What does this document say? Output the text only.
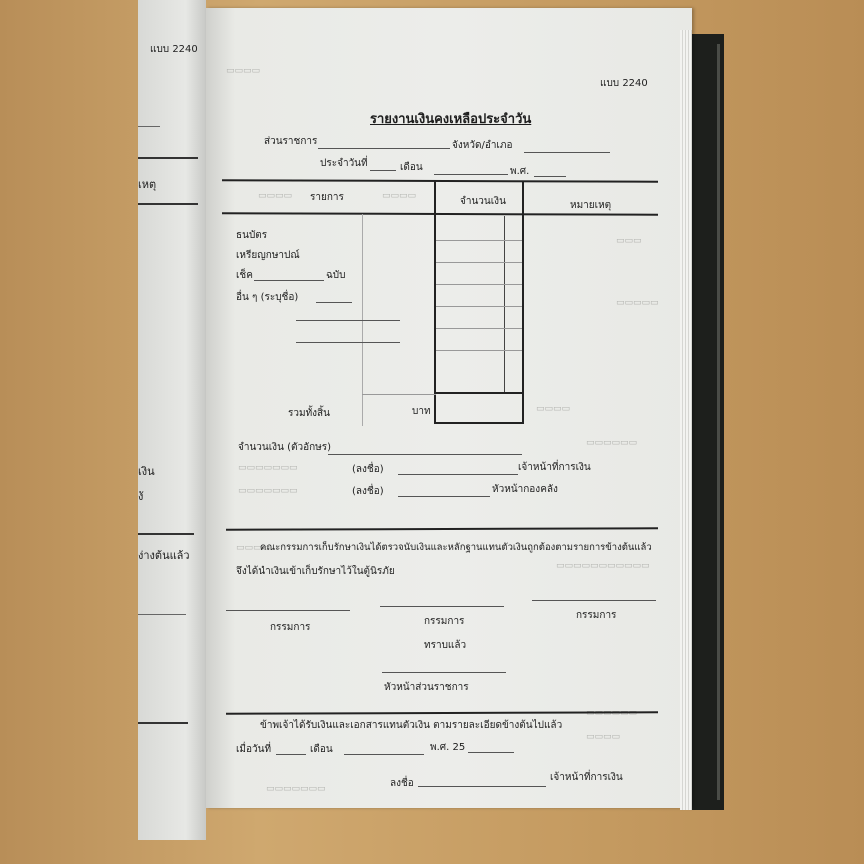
แบบ 2240
เหตุ
เงิน
งั
ง่างต้นแล้ว
▭▭▭▭
▭▭▭▭	▭▭▭▭
▭▭▭
▭▭▭▭▭
▭▭▭▭
▭▭▭▭▭▭
▭▭▭▭▭▭▭
▭▭▭▭▭▭▭
▭▭▭▭
▭▭▭▭▭▭▭▭▭▭▭
▭▭▭▭▭▭
▭▭▭▭
▭▭▭▭▭▭▭
แบบ 2240
รายงานเงินคงเหลือประจำวัน
ส่วนราชการ	จังหวัด/อำเภอ
ประจำวันที่	เดือน	พ.ศ.
รายการ	จำนวนเงิน	หมายเหตุ
ธนบัตร
เหรียญกษาปณ์
เช็ค	ฉบับ
อื่น ๆ (ระบุชื่อ)
รวมทั้งสิ้น	บาท
จำนวนเงิน (ตัวอักษร)
(ลงชื่อ)	เจ้าหน้าที่การเงิน
(ลงชื่อ)	หัวหน้ากองคลัง
คณะกรรมการเก็บรักษาเงินได้ตรวจนับเงินและหลักฐานแทนตัวเงินถูกต้องตามรายการข้างต้นแล้ว
จึงได้นำเงินเข้าเก็บรักษาไว้ในตู้นิรภัย
กรรมการ
กรรมการ
กรรมการ
ทราบแล้ว
หัวหน้าส่วนราชการ
ข้าพเจ้าได้รับเงินและเอกสารแทนตัวเงิน ตามรายละเอียดข้างต้นไปแล้ว
เมื่อวันที่	เดือน	พ.ศ. 25
ลงชื่อ
เจ้าหน้าที่การเงิน
